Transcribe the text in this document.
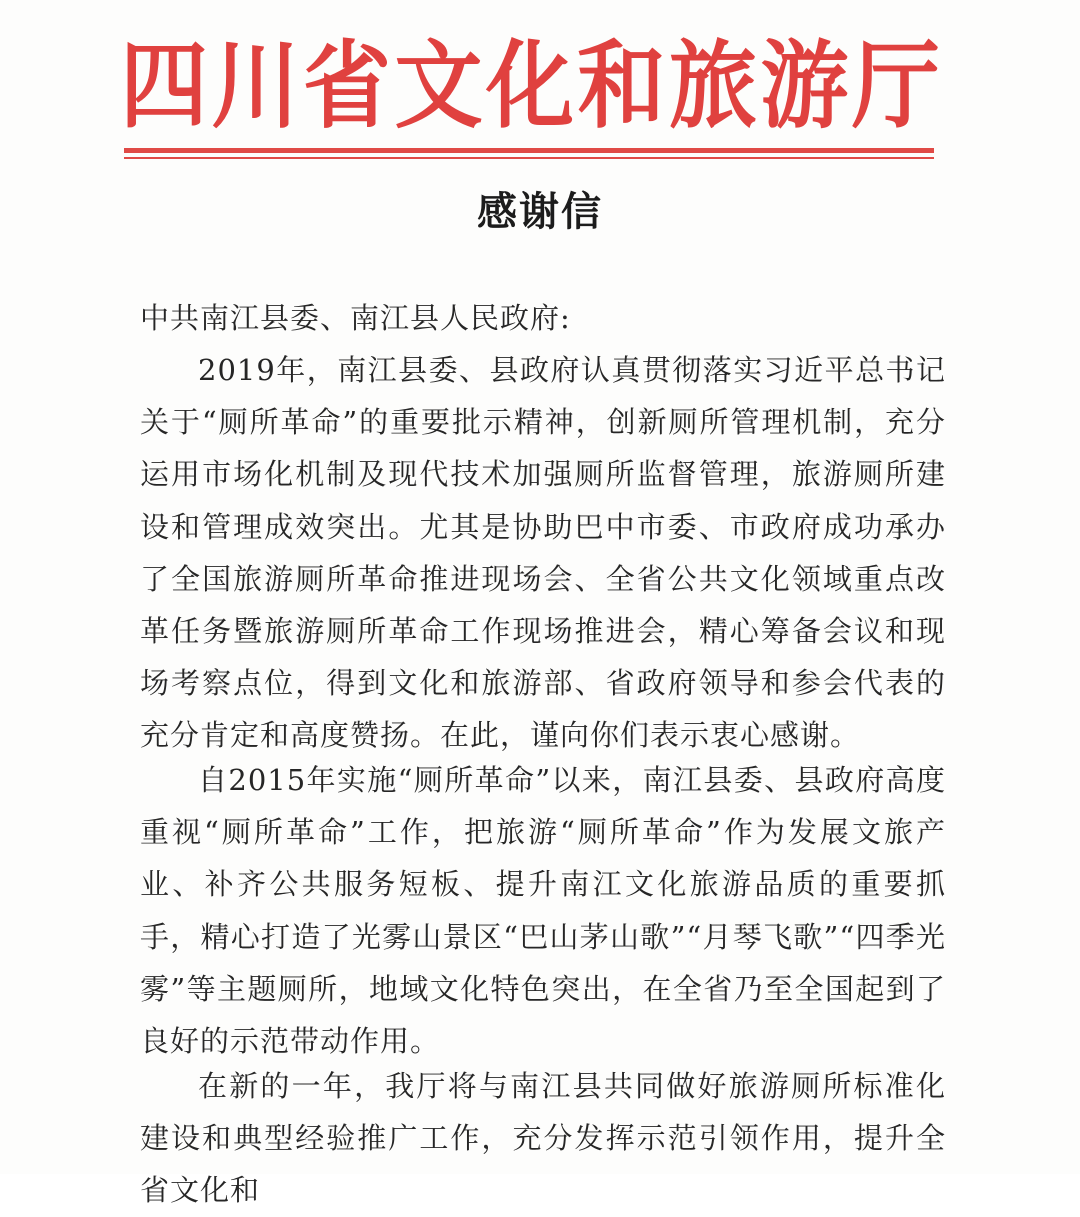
四 川 省 文 化 和 旅 游 厅
感谢信

中共南江县委、南江县人民政府:

2019年，南江县委、县政府认真贯彻落实习近平总书记关于“厕所革命”的重要批示精神，创新厕所管理机制，充分运用市场化机制及现代技术加强厕所监督管理，旅游厕所建设和管理成效突出。尤其是协助巴中市委、市政府成功承办了全国旅游厕所革命推进现场会、全省公共文化领域重点改革任务暨旅游厕所革命工作现场推进会，精心筹备会议和现场考察点位，得到文化和旅游部、省政府领导和参会代表的充分肯定和高度赞扬。在此，谨向你们表示衷心感谢。

自2015年实施“厕所革命”以来，南江县委、县政府高度重视“厕所革命”工作，把旅游“厕所革命”作为发展文旅产业、补齐公共服务短板、提升南江文化旅游品质的重要抓手，精心打造了光雾山景区“巴山茅山歌”“月琴飞歌”“四季光雾”等主题厕所，地域文化特色突出，在全省乃至全国起到了良好的示范带动作用。

在新的一年，我厅将与南江县共同做好旅游厕所标准化建设和典型经验推广工作，充分发挥示范引领作用，提升全省文化和
